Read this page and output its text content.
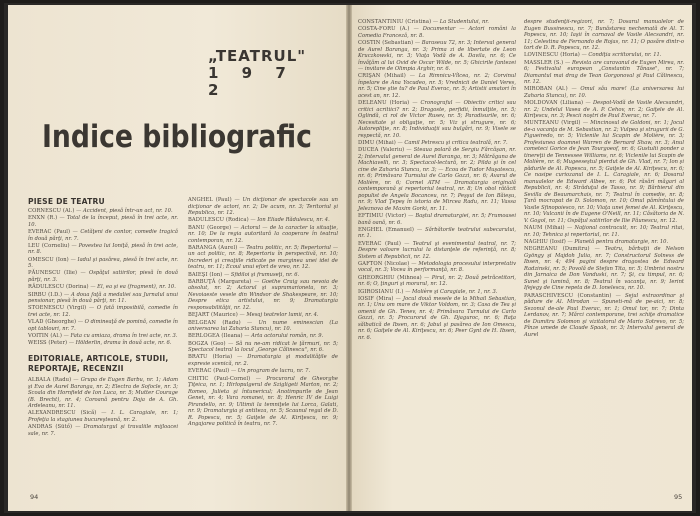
„TEATRUL"
1 9 7 2
Indice bibliografic
PIESE DE TEATRU
CORNESCU (Al.) — Accident, piesă într-un act, nr. 10.
ENXN (R.) — Total de la început, piesă în trei acte, nr. 10.
EVERAC (Paul) — Cetăţeni de contor, comedie tragică în două părţi, nr. 7.
LEU (Corneliu) — Povestea lui Ioniţă, piesă în trei acte, nr. 8.
OMESCU (Ion) — Iadul şi pasărea, piesă în trei acte, nr. 5.
PĂUNESCU (Ilie) — Ospăţul satiirilor, piesă în două părţi, nr. 3.
RĂDULESCU (Dorina) — El, ea şi ea (fragment), nr. 10.
SIRBU (I.D.) — A doua faţă a medaliei sau Jurnalul unui pensionar, piesă în două părţi, nr. 11.
STOENESCU (Virgil) — O fată imposibilă, comedie în trei acte, nr. 12.
VLAD (Gheorghe) — O dimineaţă de pomină, comedie în opt tablouri, nr. 7.
VOITIN (Al.) — Fata cu amiaza, drama în trei acte, nr. 3.
WEISS (Peter) — Hölderlin, drama în două acte, nr. 6.
EDITORIALE, ARTICOLE, STUDII,
REPORTAJE, RECENZII
ALBALA (Radu) — Grupa de Eugen Barbu, nr. 1; Adam şi Eva de Aurel Baranga, nr. 2; Electra de Sofocle, nr. 3; Scoala din Hornfield de Ion Luca, nr. 5; Mutter Courage (B. Brecht), nr. 4; Coroană pentru Doja de A. Gh. Ardeleanu, nr. 11.
ALEXANDRESCU (Sică) — I. L. Caragiale, nr. 1; Profeţia la stagiunea bucureşteană, nr. 2.
ANDRAS (Sütő) — Dramaturgul şi travaliile mijloacei sale, nr. 7.
ANGHEL (Paul) — Un dicţionar de spectacole sau un dicţionar de actori, nr. 2; De acum, nr. 3; Teritoriul şi Republica, nr. 12.
BADULESCU (Rodica) — Ion Eliade Rădulescu, nr. 4.
BANU (George) — Actorul — de la caracter la situaţie, nr. 10; De la regia autoritară la cooperare în teatrul contemporan, nr. 12.
BARANGA (Aurel) — Teatru politic, nr. 5; Repertoriul — un act politic, nr. 8; Repertoriu în perspectivă, nr. 10; Increderi şi creaţiile ridicate pe marginea unei idei de teatru, nr. 11; Ecoul unui efort de vreo, nr. 12.
BAIEŞI (Ion) — Sfidiloi şi frumuseţi, nr. 6.
BARBUŢĂ (Margareta) — Goethe Craig sau nevoia de absolut, nr. 2; Actorul şi supramarioneta, nr. 3; Nevoiaeste vesele din Windsor de Shakespeare, nr. 10; Despre etica artistului, nr. 9; Dramaturgia responsabilităţii, nr. 12.
BEJART (Maurice) — Mesaj teatrelor lumii, nr. 4.
BELGEAN (Radu) — Un nume eminescian (La aniversarea lui Zaharia Stancu), nr. 10.
BERLOGEA (Ileana) — Arta actorului român, nr. 9.
BOGZA (Geo) — Să nu ne-am ridicat le ţărmuri, nr. 5; Spectacol teatral la locul „George Călinescu", nr. 6.
BRATU (Horia) — Dramaturgia şi modalităţile de expresie scenică, nr. 2.
EVERAC (Paul) — Un program de lucru, nr. 7.
CHITIC (Paul-Cornel) — Procurorul de Gheorghe Ţiţeica, nr. 1; Hirlopulgerul de Szigligeti Marton, nr. 2; Romeo, Julieta şi întunericul; Anotimpurile de Jean Genet, nr. 4; Vara romanei, nr. 8; Henric IV de Luigi Pirandello, nr. 9; Ultimii la temniţele lui Lorca, Galati, nr. 9; Dramaturgia şi antiteza, nr. 5; Scaunul regal de D. R. Popescu, nr. 5; Gaiţele de Al. Kiriţescu, nr. 9; Angajarea politică în teatru, nr. 7.
94
CONSTANTINIU (Cristina) — La Studentului, nr.
COSTA-FORU (A.) — Documentar — Actori români la Comedia Franceză, nr. 8.
COSTIN (Sebastian) — Baraseuu 72, nr. 3; Interval general de Aurel Baranga, nr. 3; Prima zi de libertate de Leon Kruczkowski, nr. 3; Viaţa Vodă de A. Davila, nr. 6; Ce învăţăm al lui Ovid de Oscar Wilde, nr. 5; Ghicirile fantezei — invitare de Olimpia Arghir, nr. 6.
CRIŞAN (Mihail) — La Rimnicu-Vîlcea, nr. 2; Corvinul înpelare de Ana Yocudeo, nr. 5; Vrednicii de Daniel Veres, nr. 5; Cine ştie tu? de Paul Everac, nr. 5; Artistii amatori în acest an, nr. 12.
DELEANU (Horia) — Cronograful — Obiectiv critici sau critici acritiici? nr. 2; Dragoste, perfidii, înmulţite, nr. 5; Oglindă, ci rol de Victor Rusev, nr. 5; Paradisurile, nr. 6; Necesitate şi obligaţie, nr. 5; Viz şi strugure, nr. 6; Autorepliţie, nr. 8; Individuaţii sau bulgări, nr. 9; Visele se reşpectă, nr. 10.
DIMU (Mihai) — Camil Petrescu şi critica teatrală, nr. 7.
DUCEA (Valeriu) — Steaua polară de Sergiu Fărcăşan, nr. 2; Intervalul general de Aurel Baranga, nr. 3; Mătrăguna de Machiavelli, nr. 3; Spectacol-lectură, nr. 2; Pilda şi în cel cine de Zaharia Stancu, nr. 3; — Ecou de Tudor Muşatescu, nr. 6; Primăvara Turnului de Carlo Gozzi, nr. 6; Avarul de Molière, nr. 6; Cornel ATM — Dramaturgia originală contemporană şi repertoriul teatral, nr. 8; Un obol rătăcit populist de Angela Bocanceu, nr. 7; Peşşul de Ion Băieşu, nr. 9; Vlad Ţepeş în istoria de Mircea Radu, nr. 11; Vassa Jeleznova de Maxim Gorki, nr. 11.
EFTIMIU (Victor) — Baştul dramaturgiei, nr. 5; Frumoasei bană oană, nr. 6.
ENGHEL (Emanuel) — Sărbătorile teatrului subecarului, nr. 1.
EVERAC (Paul) — Teatrul şi evenimentul teatral, nr. 7; Despre valoare lucrului la distanţele de referinţă, nr. 8; Sistem al Republicii, nr. 12.
GAFTON (Nicolae) — Metodologia procesului interpretativ vocal, nr. 3; Vocea în performanţă, nr. 8.
GHEORGHIU (Mihnea) — Pirul, nr. 2; Două petrăcetitori, nr. 6; O, ţinguri şi morarul, nr. 12.
IGIROSIANU (I.) — Molière şi Caragiale, nr. 1, nr. 3.
IOSIF (Mira) — Jocul două mesele de la Mihail Sebastian, nr. 1; Unu om mare de Viktor Voldom, nr. 3; Casa de Tea şi omenii de Gh. Tenev, nr. 4; Primăvara Turnului de Carlo Gozzi, nr. 5; Procurorul de Gh. Djaguroc, nr. 6; Raţa sălbatică de Ibsen, nr. 6; Jabul şi pasărea de Ion Omescu, nr. 6; Gaiţele de Al. Kiriţescu, nr. 6; Peer Gynt de H. Ibsen, nr. 6.
despre studenţii-regizori, nr. 7; Dosarul manualelor de Eugen Bussinescu, nr. 7; Bunăstarea nechemată de Al. T. Popescu, nr. 10; Iaşii în carnaval de Vasile Alecsandri, nr. 11; Celestina de Fernando de Rojas, nr. 11; O pasăre dintr-o tort de D. R. Popescu, nr. 12.
LOVINESCU (Horia) — Condiţia scriitorului, nr. 11.
MASSLER (S.) — Revista are caravanul de Eugen Mirea, nr. 6; Festivalul european „Constantin Tănase", nr. 7; Diamantul mai drag de Tean Gorgonoval şi Paul Călinescu, nr. 12.
MIROBAN (Al.) — Omul său mare! (La aniversarea lui Zaharia Stancu), nr. 10.
MOLDOVAN (Liliana) — Despot-Vodă de Vasile Alecsandri, nr. 2; Undelul Vasea de A. P. Cehov, nr. 2; Gaiţele de Al. Kiriţescu, nr. 3; Pescii noştri de Paul Everac, nr. 7.
MUNTEANU (Virgil) — Mincinosul de Goldoni, nr. 1; Jocul de-a vacanţa de M. Sebastian, nr. 2; Vulpea şi strugurii de G. Figueiredo, nr. 5; Viclenile lui Scapin de Molière, nr. 3; Profesiunea doamnei Warren de Bernard Shaw, nr. 3; Anul cometeci Gorice de Jean Tourgoeof, nr. 6; Gustulii ponder a tinereţii de Tennessee Williams, nr. 6; Viclenile lui Scapin de Molière, nr. 6; Mugeeseştul pierdut de Gh. Vlad, nr. 7; Ion şi pădurile de Al. Popescu, nr. 5; Gaiţele de Al. Kiriţescu, nr. 6; Ce nasipe curiozanul de I. L. Caragiale, nr. 6; Dosarul manualelor de Edward Albee, nr. 6; Pot răsări măgari al Republicii, nr. 4; Străduţul de Tasso, nr. 9; Bărbierul din Sevilla de Beaumarchais, nr. 7; Teatrul în comedie, nr. 8; Ţară mocrapat de D. Solomon, nr. 10; Omul pămîntului de Vasile Sfinopoiesco, nr. 10; Viaţa unei femei de Al. Kiriţescu, nr. 10; Vulcanii în de Eugene O'Neill, nr. 11; Căsătoria de N. V. Gogol, nr. 11; Ospăţul satiirilor de Ilie Păunescu, nr. 12.
NAUM (Mihai) — Naţional contracult, nr. 10; Teatrul ritai, nr. 10; Tehnica şi repertoriul, nr. 11.
NAGHIU (Iosif) — Planetă pentru dramaturgie, nr. 10.
NEGREANU (Dumitru) — Teatru, bărbaţii de Nelson Gyöngy şi Majdoh Julia, nr. 7; Constructorul Solness de Ibsen, nr. 4; 494 pagini despre dragostea de Edward Radzinski, nr. 5; Povolă de Stefan Tita, nr. 5; Umbrisi nostru din Jarnaica de Don Vanduski, nr. 7; Şi, cu timpul, nr. 6; Sunet şi lumină, nr. 8; Teatrul în vacanţa, nr. 9; Ierint Ifejegy de Cine repeta de D. Ionelescu, nr. 10.
PARASCHIVESCU (Constantin) — Sejul extraordinar şi pădure de Al. Mirodan — Spuneti-mă de pe-aici, nr. 8; Sezonul de-ale Paul Everac, nr. 1; Omul tor, nr. 7; Dinta Lerdanov, nr. 7; Mărci contemporane, trei schiţe dramatice de Dumitru Solomon şi vizitatorul de Mario Sotrevo, nr. 5; Pînze umede de Claude Spaak, nr. 3; Intervalul general de Aurel
95
